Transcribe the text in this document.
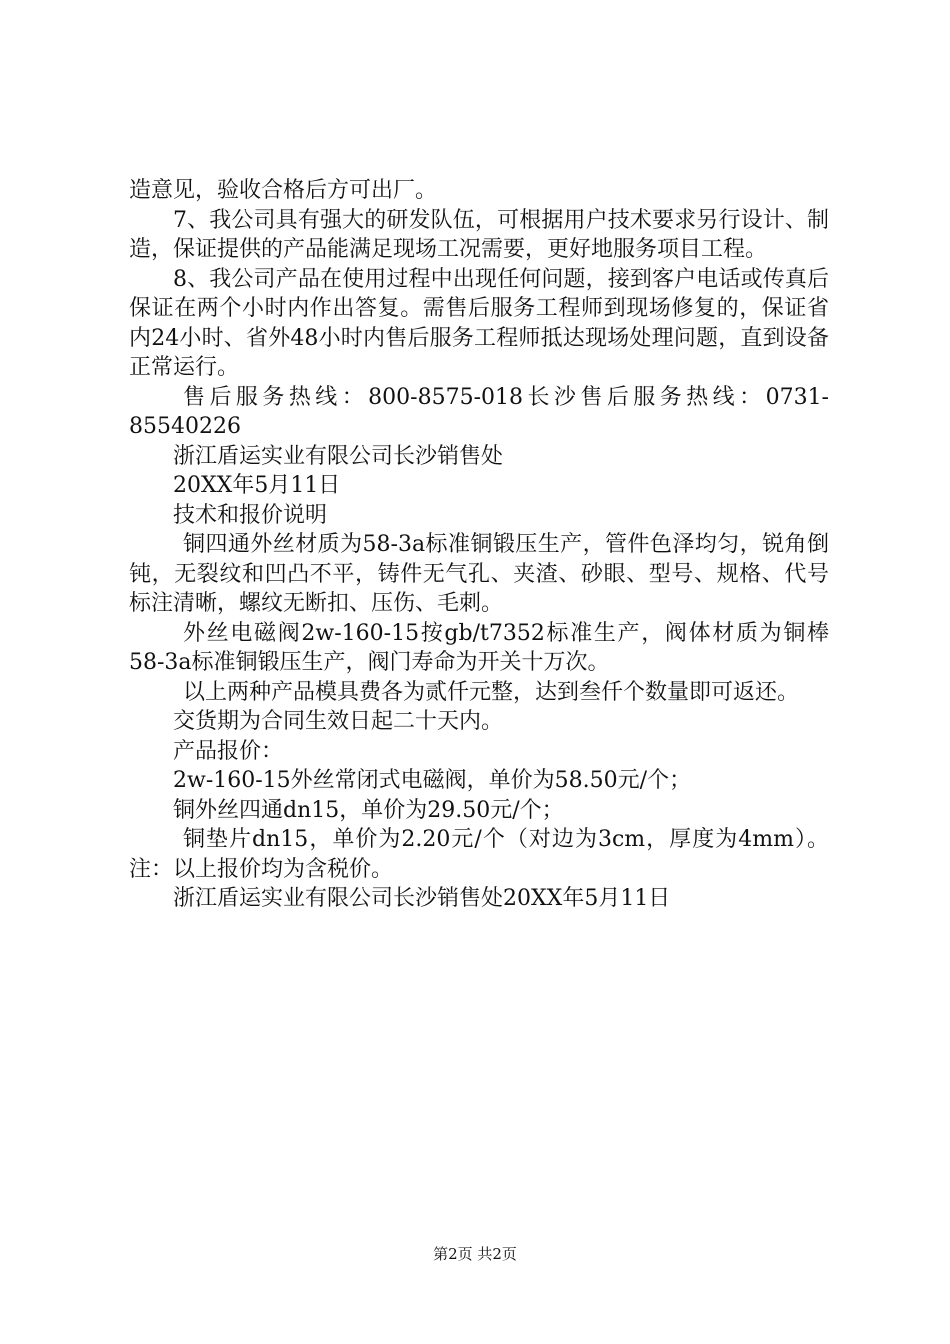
造意见，验收合格后方可出厂。

7、我公司具有强大的研发队伍，可根据用户技术要求另行设计、制造，保证提供的产品能满足现场工况需要，更好地服务项目工程。

8、我公司产品在使用过程中出现任何问题，接到客户电话或传真后保证在两个小时内作出答复。需售后服务工程师到现场修复的，保证省内24小时、省外48小时内售后服务工程师抵达现场处理问题，直到设备正常运行。

售后服务热线：800-8575-018长沙售后服务热线：0731-85540226

浙江盾运实业有限公司长沙销售处

20XX年5月11日

技术和报价说明

铜四通外丝材质为58-3a标准铜锻压生产，管件色泽均匀，锐角倒钝，无裂纹和凹凸不平，铸件无气孔、夹渣、砂眼、型号、规格、代号标注清晰，螺纹无断扣、压伤、毛刺。

外丝电磁阀2w-160-15按gb/t7352标准生产，阀体材质为铜棒58-3a标准铜锻压生产，阀门寿命为开关十万次。

以上两种产品模具费各为贰仟元整，达到叁仟个数量即可返还。

交货期为合同生效日起二十天内。

产品报价：

2w-160-15外丝常闭式电磁阀，单价为58.50元/个；

铜外丝四通dn15，单价为29.50元/个；

铜垫片dn15，单价为2.20元/个（对边为3cm，厚度为4mm）。注：以上报价均为含税价。

浙江盾运实业有限公司长沙销售处20XX年5月11日

第2页 共2页
